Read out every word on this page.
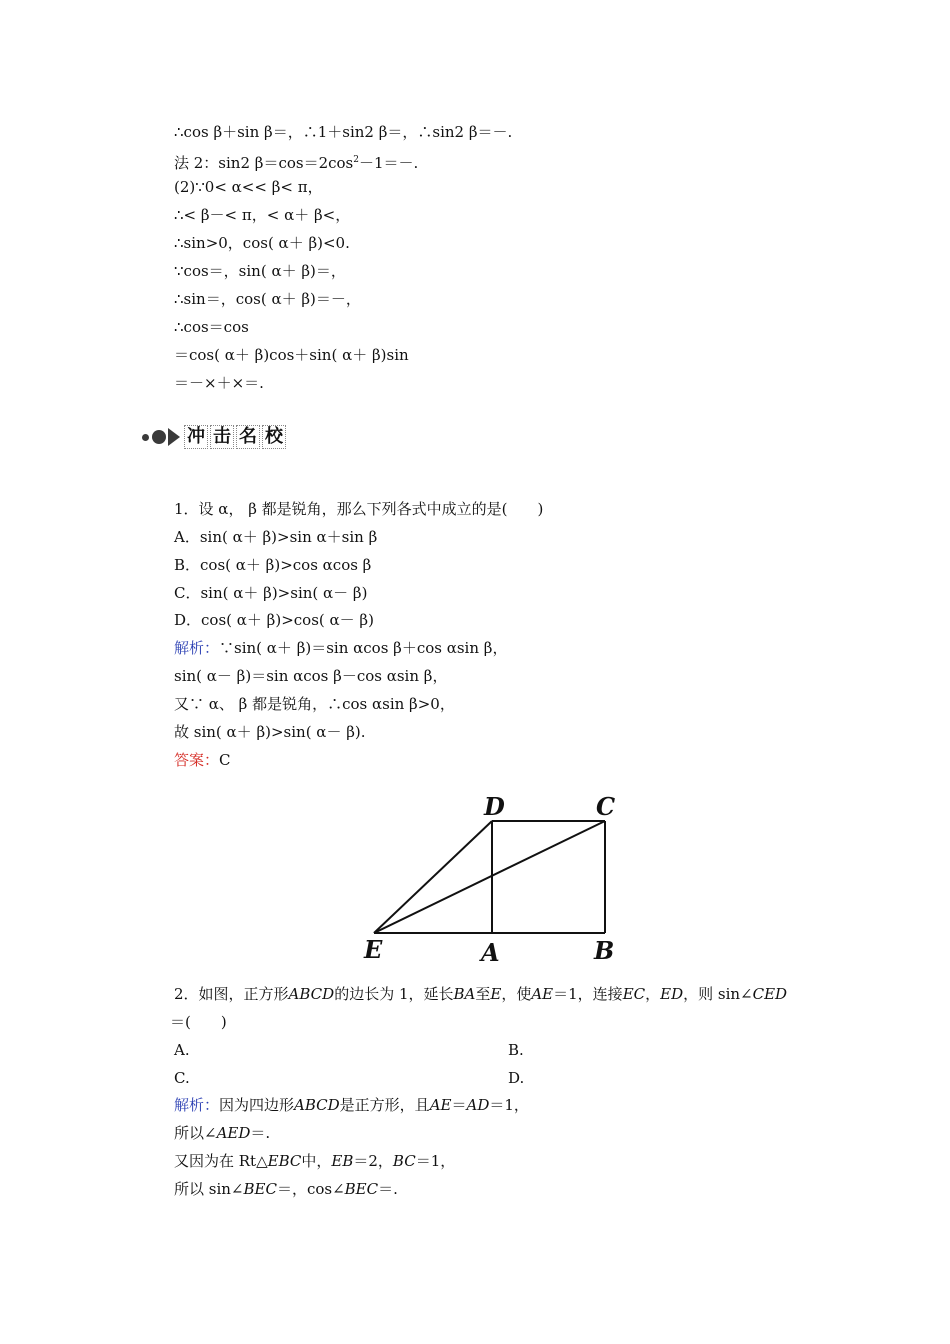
∴cos β＋sin β＝，∴1＋sin2 β＝，∴sin2 β＝－.
法 2：sin2 $\beta=\cos=2\cos^2-1=-$.
(2)∵0< α<< β< π，
∴< β－< π，< α＋ β<，
∴sin>0，cos( α＋ β)<0.
∵cos＝，sin( α＋ β)＝，
∴sin＝，cos( α＋ β)＝－，
∴cos＝cos
＝cos( α＋ β)cos＋sin( α＋ β)sin
＝－×＋×＝.
冲 击 名 校
1．设 α， β 都是锐角，那么下列各式中成立的是(　　)
A．sin( α＋ β)>sin α＋sin β
B．cos( α＋ β)>cos αcos β
C．sin( α＋ β)>sin( α－ β)
D．cos( α＋ β)>cos( α－ β)
解析：∵sin( α＋ β)＝sin αcos β＋cos αsin β，
sin( α－ β)＝sin αcos β－cos αsin β，
又∵ α、 β 都是锐角，∴cos αsin β>0，
故 sin( α＋ β)>sin( α－ β).
答案：C
D	C
E	A	B
2．如图，正方形ABCD的边长为 1，延长BA至E，使AE＝1，连接EC，ED，则 sin∠CED
＝(　　)
A.	B.
C.	D.
解析：因为四边形ABCD是正方形，且AE＝AD＝1，
所以∠AED＝.
又因为在 Rt△EBC中，EB＝2，BC＝1，
所以 sin∠BEC＝，cos∠BEC＝.
